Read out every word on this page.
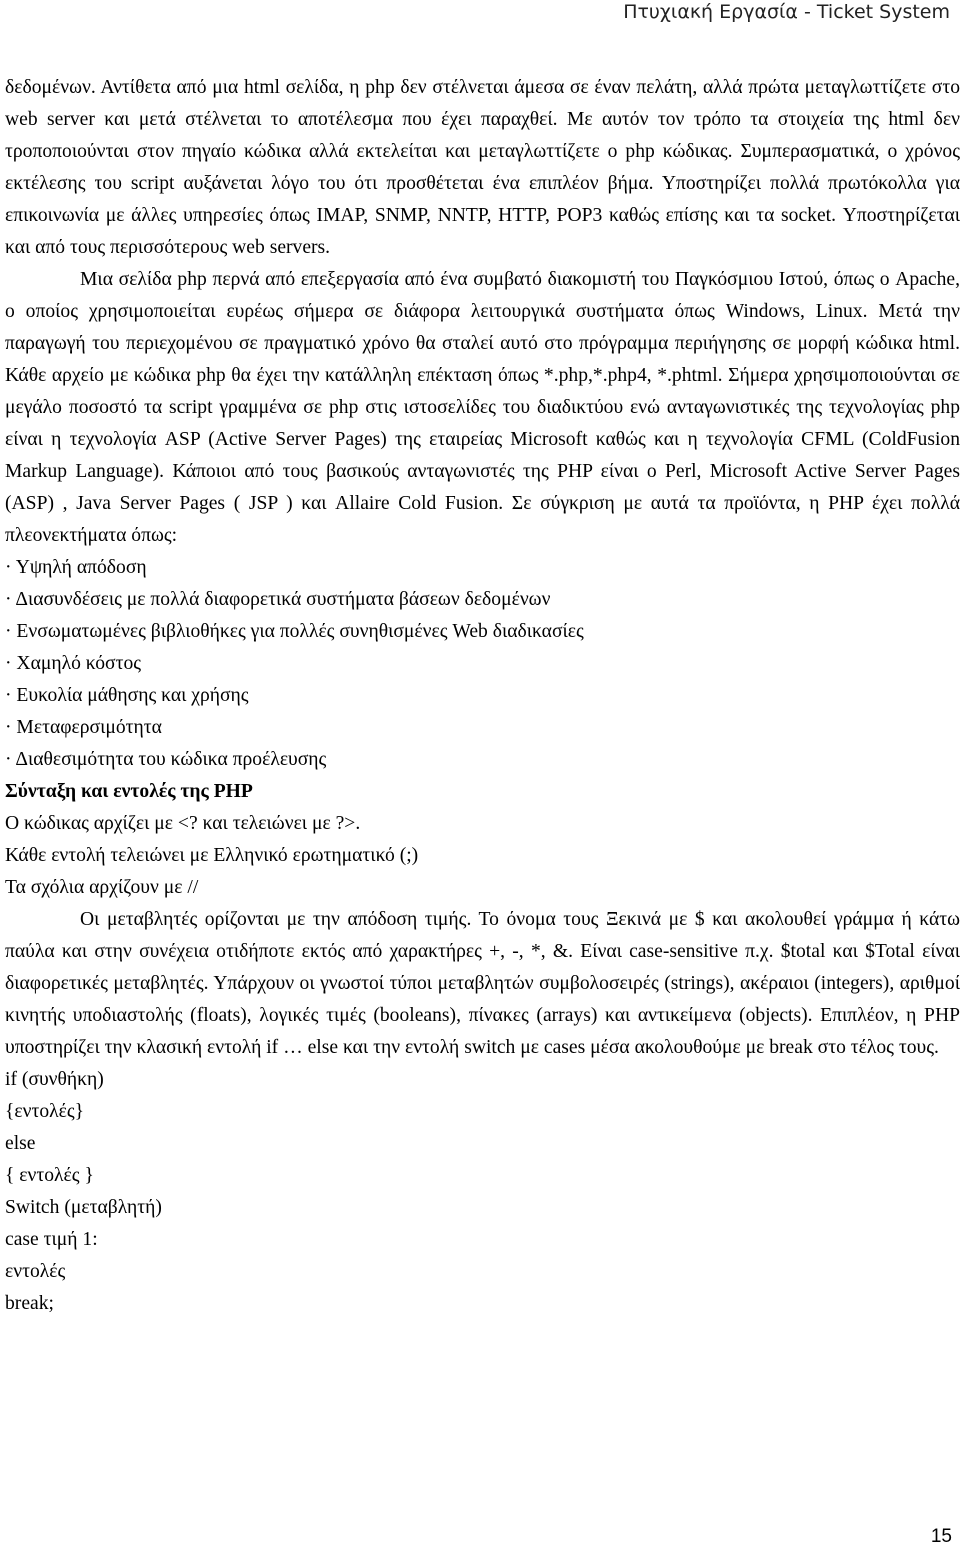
Πτυχιακή Εργασία - Ticket System

δεδομένων. Αντίθετα από μια html σελίδα, η php δεν στέλνεται άμεσα σε έναν πελάτη, αλλά πρώτα μεταγλωττίζετε στο web server και μετά στέλνεται το αποτέλεσμα που έχει παραχθεί. Με αυτόν τον τρόπο τα στοιχεία της html δεν τροποποιούνται στον πηγαίο κώδικα αλλά εκτελείται και μεταγλωττίζετε ο php κώδικας. Συμπερασματικά, ο χρόνος εκτέλεσης του script αυξάνεται λόγο του ότι προσθέτεται ένα επιπλέον βήμα. Υποστηρίζει πολλά πρωτόκολλα για επικοινωνία με άλλες υπηρεσίες όπως IMAP, SNMP, NNTP, HTTP, POP3 καθώς επίσης και τα socket. Υποστηρίζεται και από τους περισσότερους web servers.

Μια σελίδα php περνά από επεξεργασία από ένα συμβατό διακομιστή του Παγκόσμιου Ιστού, όπως ο Apache, ο οποίος χρησιμοποιείται ευρέως σήμερα σε διάφορα λειτουργικά συστήματα όπως Windows, Linux. Μετά την παραγωγή του περιεχομένου σε πραγματικό χρόνο θα σταλεί αυτό στο πρόγραμμα περιήγησης σε μορφή κώδικα html. Κάθε αρχείο με κώδικα php θα έχει την κατάλληλη επέκταση όπως *.php,*.php4, *.phtml. Σήμερα χρησιμοποιούνται σε μεγάλο ποσοστό τα script γραμμένα σε php στις ιστοσελίδες του διαδικτύου ενώ ανταγωνιστικές της τεχνολογίας php είναι η τεχνολογία ASP (Active Server Pages) της εταιρείας Microsoft καθώς και η τεχνολογία CFML (ColdFusion Markup Language). Κάποιοι από τους βασικούς ανταγωνιστές της PHP είναι ο Perl, Microsoft Active Server Pages (ASP) , Java Server Pages ( JSP ) και Allaire Cold Fusion. Σε σύγκριση με αυτά τα προϊόντα, η PHP έχει πολλά πλεονεκτήματα όπως:

· Υψηλή απόδοση
· Διασυνδέσεις με πολλά διαφορετικά συστήματα βάσεων δεδομένων
· Ενσωματωμένες βιβλιοθήκες για πολλές συνηθισμένες Web διαδικασίες
· Χαμηλό κόστος
· Ευκολία μάθησης και χρήσης
· Μεταφερσιμότητα
· Διαθεσιμότητα του κώδικα προέλευσης
Σύνταξη και εντολές της PHP
Ο κώδικας αρχίζει με <? και τελειώνει με ?>.
Κάθε εντολή τελειώνει με Ελληνικό ερωτηματικό (;)
Τα σχόλια αρχίζουν με //

Οι μεταβλητές ορίζονται με την απόδοση τιμής. Το όνομα τους Ξεκινά με $ και ακολουθεί γράμμα ή κάτω παύλα και στην συνέχεια οτιδήποτε εκτός από χαρακτήρες +, -, *, &. Είναι case-sensitive π.χ. $total και $Total είναι διαφορετικές μεταβλητές. Υπάρχουν οι γνωστοί τύποι μεταβλητών συμβολοσειρές (strings), ακέραιοι (integers), αριθμοί κινητής υποδιαστολής (floats), λογικές τιμές (booleans), πίνακες (arrays) και αντικείμενα (objects). Επιπλέον, η PHP υποστηρίζει την κλασική εντολή if … else και την εντολή switch με cases μέσα ακολουθούμε με break στο τέλος τους.

if (συνθήκη)
{εντολές}
else
{ εντολές }
Switch (μεταβλητή)
case τιμή 1:
εντολές
break;
15
